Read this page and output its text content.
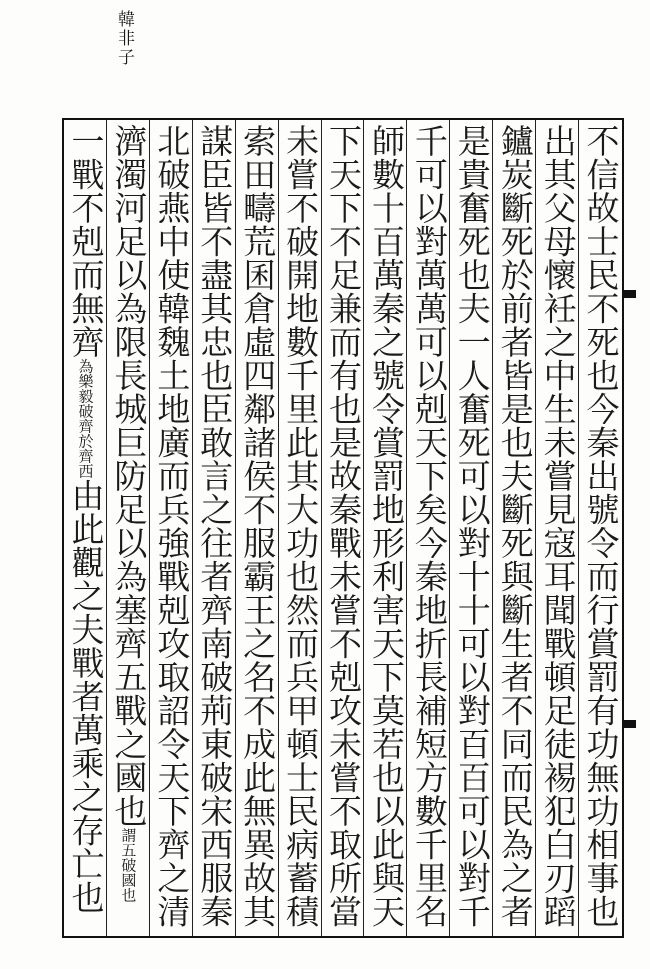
韓非子
不信故士民不死也今秦出號令而行賞罰有功無功相事也
出其父母懷衽之中生未嘗見寇耳聞戰頓足徒裼犯白刃蹈
鑪炭斷死於前者皆是也夫斷死與斷生者不同而民為之者
是貴奮死也夫一人奮死可以對十十可以對百百可以對千
千可以對萬萬可以剋天下矣今秦地折長補短方數千里名
師數十百萬秦之號令賞罰地形利害天下莫若也以此與天
下天下不足兼而有也是故秦戰未嘗不剋攻未嘗不取所當
未嘗不破開地數千里此其大功也然而兵甲頓士民病蓄積
索田疇荒囷倉虛四鄰諸侯不服霸王之名不成此無異故其
謀臣皆不盡其忠也臣敢言之往者齊南破荊東破宋西服秦
北破燕中使韓魏土地廣而兵強戰剋攻取詔令天下齊之清
濟濁河足以為限長城巨防足以為塞齊五戰之國也謂五破國也
一戰不剋而無齊為樂毅破齊於齊西由此觀之夫戰者萬乘之存亡也
